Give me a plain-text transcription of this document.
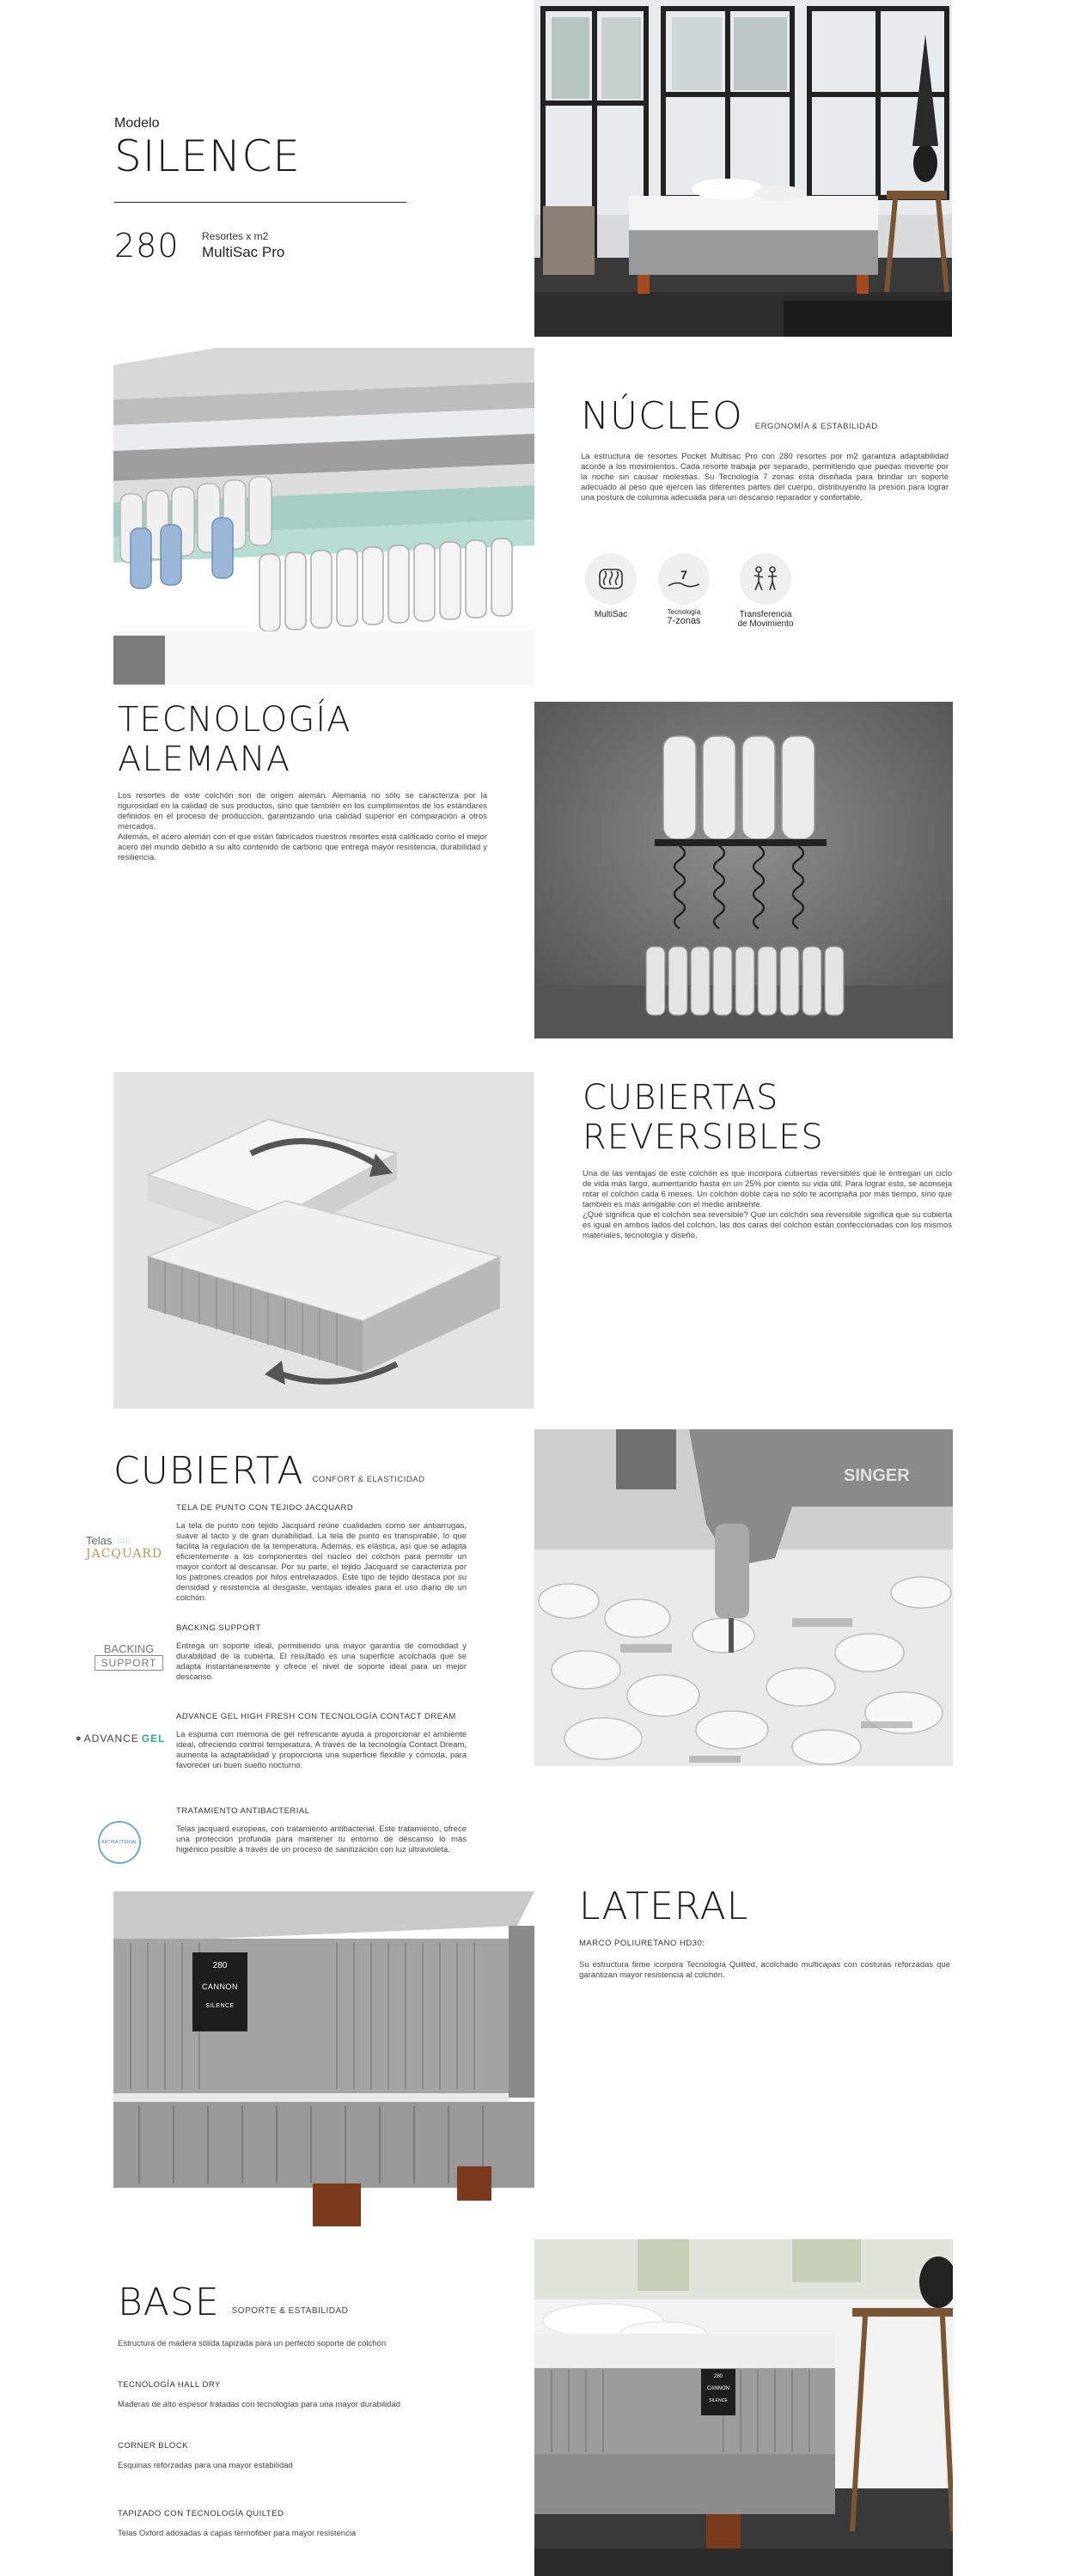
Modelo
SILENCE
280	Resortes x m2
MultiSac Pro
NÚCLEO ERGONOMÍA & ESTABILIDAD
La estructura de resortes Pocket Multisac Pro con 280 resortes por m2 garantiza adaptabilidad acorde a los movimientos. Cada resorte trabaja por separado, permitiendo que puedas moverte por la noche sin causar molestias. Su Tecnología 7 zonas está diseñada para brindar un soporte adecuado al peso que ejercen las diferentes partes del cuerpo, distribuyendo la presión para lograr una postura de columna adecuada para un descanso reparador y confortable.
MultiSac
7
Tecnología
7-zonas
Transferencia
de Movimiento
TECNOLOGÍA
ALEMANA
Los resortes de este colchón son de origen alemán. Alemania no sólo se caracteriza por la rigurosidad en la calidad de sus productos, sino que también en los cumplimientos de los estándares definidos en el proceso de producción, garantizando una calidad superior en comparación a otros mercados.
Además, el acero alemán con el que están fabricados nuestros resortes está calificado como el mejor acero del mundo debido a su alto contenido de carbono que entrega mayor resistencia, durabilidad y resiliencia.
CUBIERTAS
REVERSIBLES
Una de las ventajas de este colchón es que incorpora cubiertas reversibles que le entregan un ciclo de vida más largo, aumentando hasta en un 25% por ciento su vida útil. Para lograr esto, se aconseja rotar el colchón cada 6 meses. Un colchón doble cara no sólo te acompaña por más tiempo, sino que también es más amigable con el medio ambiente.
¿Qué significa que el colchón sea reversible? Que un colchón sea reversible significa que su cubierta es igual en ambos lados del colchón, las dos caras del colchón están confeccionadas con los mismos materiales, tecnología y diseño.
CUBIERTA CONFORT & ELASTICIDAD
Telas :::::
JACQUARD
TELA DE PUNTO CON TEJIDO JACQUARD
La tela de punto con tejido Jacquard reúne cualidades como ser antiarrugas, suave al tacto y de gran durabilidad. La tela de punto es transpirable, lo que facilita la regulación de la temperatura. Además, es elástica, así que se adapta eficientemente a los componentes del núcleo del colchón para permitir un mayor confort al descansar. Por su parte, el tejido Jacquard se caracteriza por los patrones creados por hilos entrelazados. Este tipo de tejido destaca por su densidad y resistencia al desgaste, ventajas ideales para el uso diario de un colchón.
BACKING
SUPPORT
BACKING SUPPORT
Entrega un soporte ideal, permitiendo una mayor garantía de comodidad y durabilidad de la cubierta. El resultado es una superficie acolchada que se adapta instantáneamente y ofrece el nivel de soporte ideal para un mejor descanso.
● ADVANCE GEL
ADVANCE GEL HIGH FRESH CON TECNOLOGÍA CONTACT DREAM
La espuma con memoria de gel refrescante ayuda a proporcionar el ambiente ideal, ofreciendo control temperatura. A través de la tecnología Contact Dream, aumenta la adaptabilidad y proporciona una superficie flexible y cómoda, para favorecer un buen sueño nocturno.
ANTIBACTERIAL
TRATAMIENTO ANTIBACTERIAL
Telas jacquard europeas, con tratamiento antibacterial. Este tratamiento, ofrece una protección profunda para mantener tu entorno de descanso lo más higiénico posible a través de un proceso de sanitización con luz ultravioleta.
SINGER
280
CANNON
SILENCE
LATERAL
MARCO POLIURETANO HD30:
Su estructura firme icorpora Tecnología Quilted, acolchado multicapas con costuras reforzadas que garantizan mayor resistencia al colchón.
BASE SOPORTE & ESTABILIDAD
Estructura de madera sólida tapizada para un perfecto soporte de colchón
TECNOLOGÍA HALL DRY
Maderas de alto espesor tratadas con tecnologías para una mayor durabilidad
CORNER BLOCK
Esquinas reforzadas para una mayor estabilidad
TAPIZADO CON TECNOLOGÍA QUILTED
Telas Oxford adosadas a capas termofiber para mayor resistencia
280
CANNON
SILENCE
